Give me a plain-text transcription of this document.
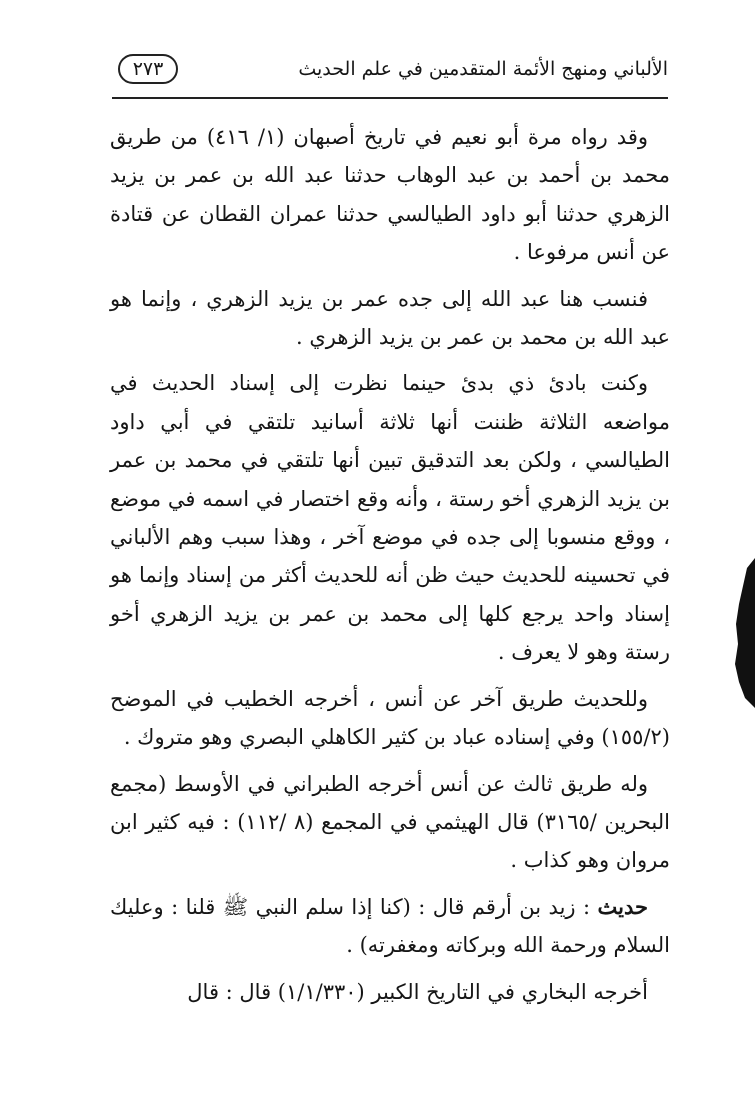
٢٧٣	الألباني ومنهج الأئمة المتقدمين في علم الحديث

وقد رواه مرة أبو نعيم في تاريخ أصبهان (١/ ٤١٦) من طريق محمد بن أحمد بن عبد الوهاب حدثنا عبد الله بن عمر بن يزيد الزهري حدثنا أبو داود الطيالسي حدثنا عمران القطان عن قتادة عن أنس مرفوعا .

فنسب هنا عبد الله إلى جده عمر بن يزيد الزهري ، وإنما هو عبد الله بن محمد بن عمر بن يزيد الزهري .

وكنت بادئ ذي بدئ حينما نظرت إلى إسناد الحديث في مواضعه الثلاثة ظننت أنها ثلاثة أسانيد تلتقي في أبي داود الطيالسي ، ولكن بعد التدقيق تبين أنها تلتقي في محمد بن عمر بن يزيد الزهري أخو رستة ، وأنه وقع اختصار في اسمه في موضع ، ووقع منسوبا إلى جده في موضع آخر ، وهذا سبب وهم الألباني في تحسينه للحديث حيث ظن أنه للحديث أكثر من إسناد وإنما هو إسناد واحد يرجع كلها إلى محمد بن عمر بن يزيد الزهري أخو رستة وهو لا يعرف .

وللحديث طريق آخر عن أنس ، أخرجه الخطيب في الموضح (١٥٥/٢) وفي إسناده عباد بن كثير الكاهلي البصري وهو متروك .

وله طريق ثالث عن أنس أخرجه الطبراني في الأوسط (مجمع البحرين /٣١٦٥) قال الهيثمي في المجمع (٨ /١١٢) : فيه كثير ابن مروان وهو كذاب .

حديث : زيد بن أرقم قال : (كنا إذا سلم النبي ﷺ قلنا : وعليك السلام ورحمة الله وبركاته ومغفرته) .

أخرجه البخاري في التاريخ الكبير (١/١/٣٣٠) قال : قال
